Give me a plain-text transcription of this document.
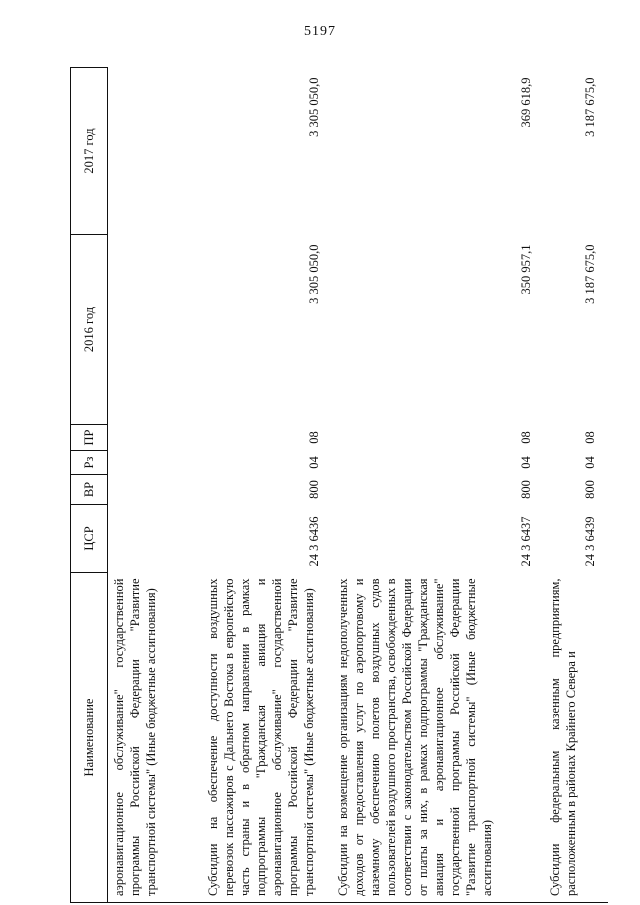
5197
Наименование	ЦСР	ВР	Рз	ПР	2016 год	2017 год
аэронавигационное обслуживание" государственной программы Российской Федерации "Развитие транспортной системы" (Иные бюджетные ассигнования)						
Субсидии на обеспечение доступности воздушных перевозок пассажиров с Дальнего Востока в европейскую часть страны и в обратном направлении в рамках подпрограммы "Гражданская авиация и аэронавигационное обслуживание" государственной программы Российской Федерации "Развитие транспортной системы" (Иные бюджетные ассигнования)	24 3 6436	800	04	08	3 305 050,0	3 305 050,0
Субсидии на возмещение организациям недополученных доходов от предоставления услуг по аэропортовому и наземному обеспечению полетов воздушных судов пользователей воздушного пространства, освобожденных в соответствии с законодательством Российской Федерации от платы за них, в рамках подпрограммы "Гражданская авиация и аэронавигационное обслуживание" государственной программы Российской Федерации "Развитие транспортной системы" (Иные бюджетные ассигнования)	24 3 6437	800	04	08	350 957,1	369 618,9
Субсидии федеральным казенным предприятиям, расположенным в районах Крайнего Севера и	24 3 6439	800	04	08	3 187 675,0	3 187 675,0
